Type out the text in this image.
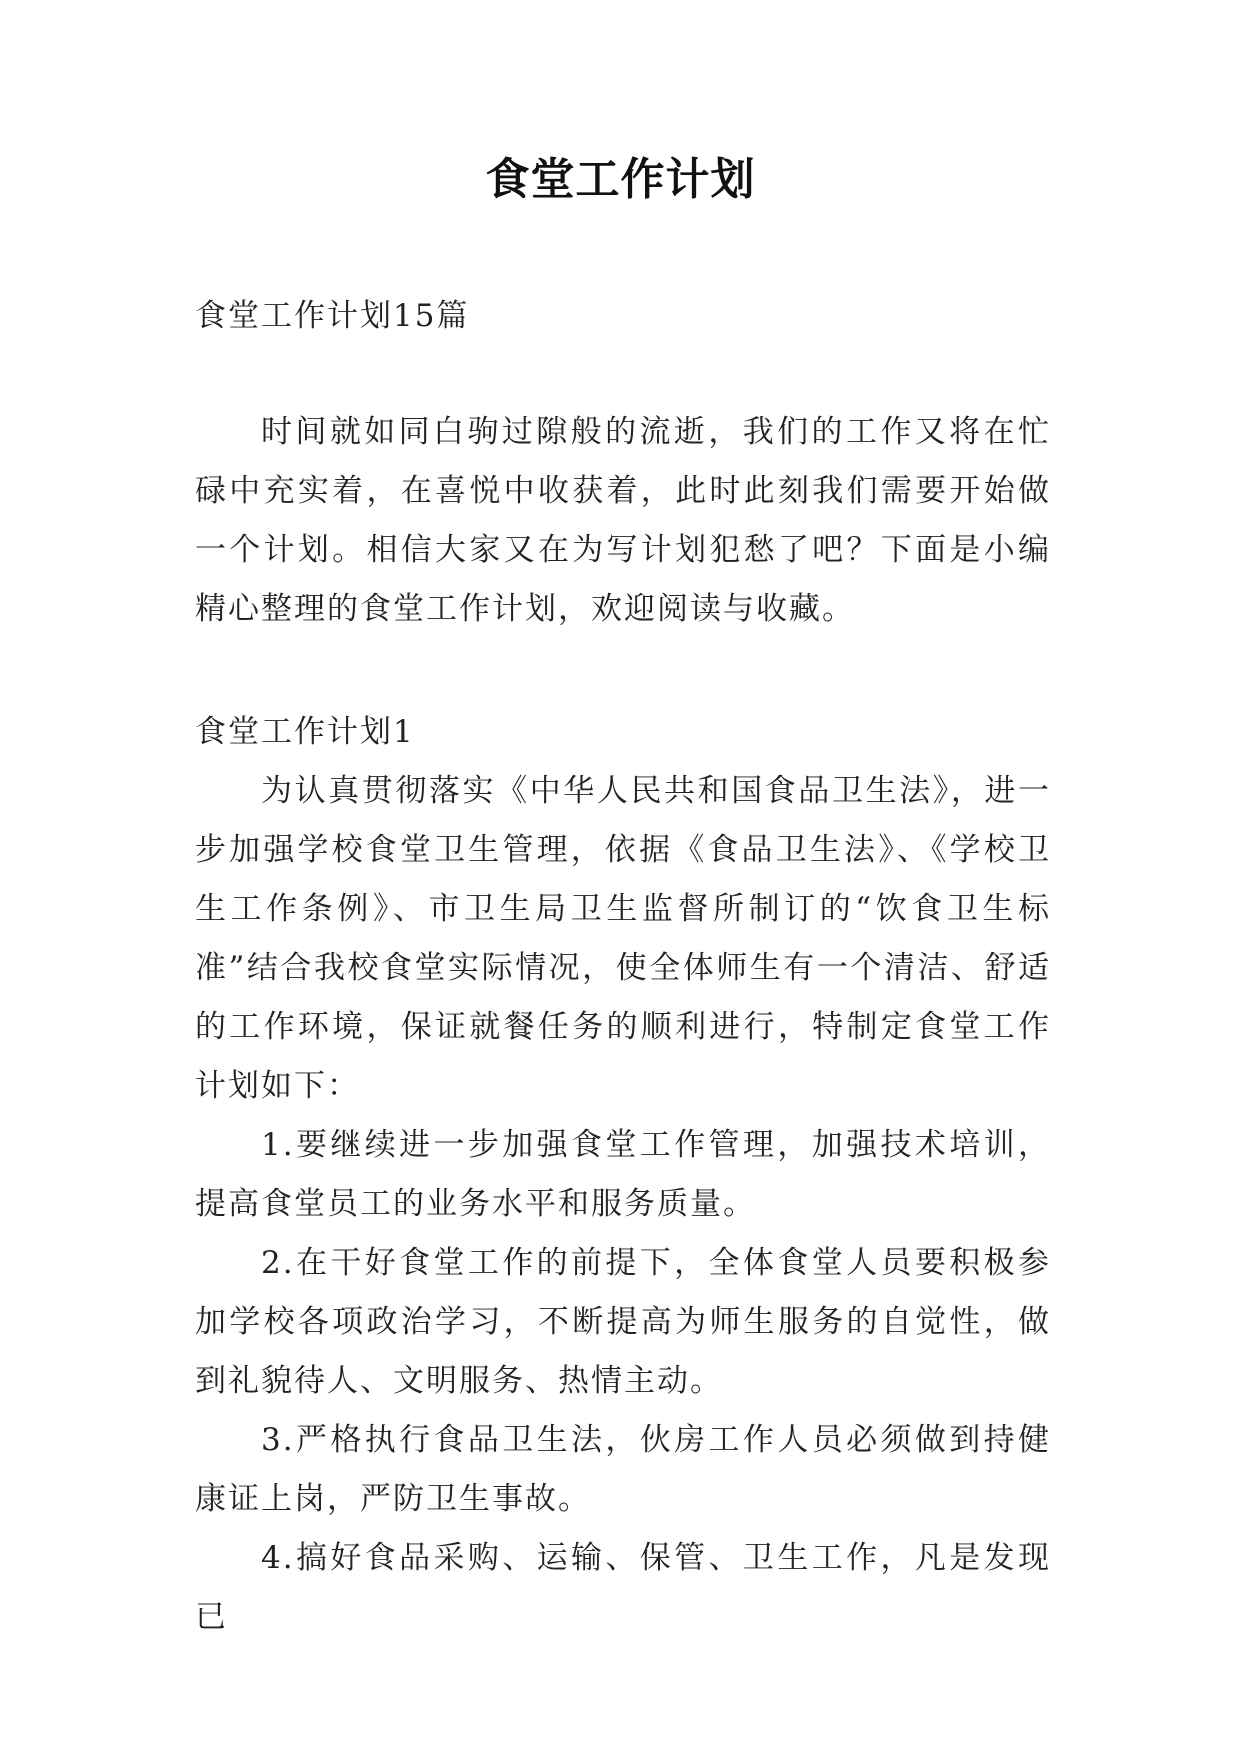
食堂工作计划

食堂工作计划15篇

时间就如同白驹过隙般的流逝，我们的工作又将在忙碌中充实着，在喜悦中收获着，此时此刻我们需要开始做一个计划。相信大家又在为写计划犯愁了吧？下面是小编精心整理的食堂工作计划，欢迎阅读与收藏。

食堂工作计划1

为认真贯彻落实《中华人民共和国食品卫生法》，进一步加强学校食堂卫生管理，依据《食品卫生法》、《学校卫生工作条例》、市卫生局卫生监督所制订的“饮食卫生标准”结合我校食堂实际情况，使全体师生有一个清洁、舒适的工作环境，保证就餐任务的顺利进行，特制定食堂工作计划如下：

1.要继续进一步加强食堂工作管理，加强技术培训，提高食堂员工的业务水平和服务质量。

2.在干好食堂工作的前提下，全体食堂人员要积极参加学校各项政治学习，不断提高为师生服务的自觉性，做到礼貌待人、文明服务、热情主动。

3.严格执行食品卫生法，伙房工作人员必须做到持健康证上岗，严防卫生事故。

4.搞好食品采购、运输、保管、卫生工作，凡是发现已
